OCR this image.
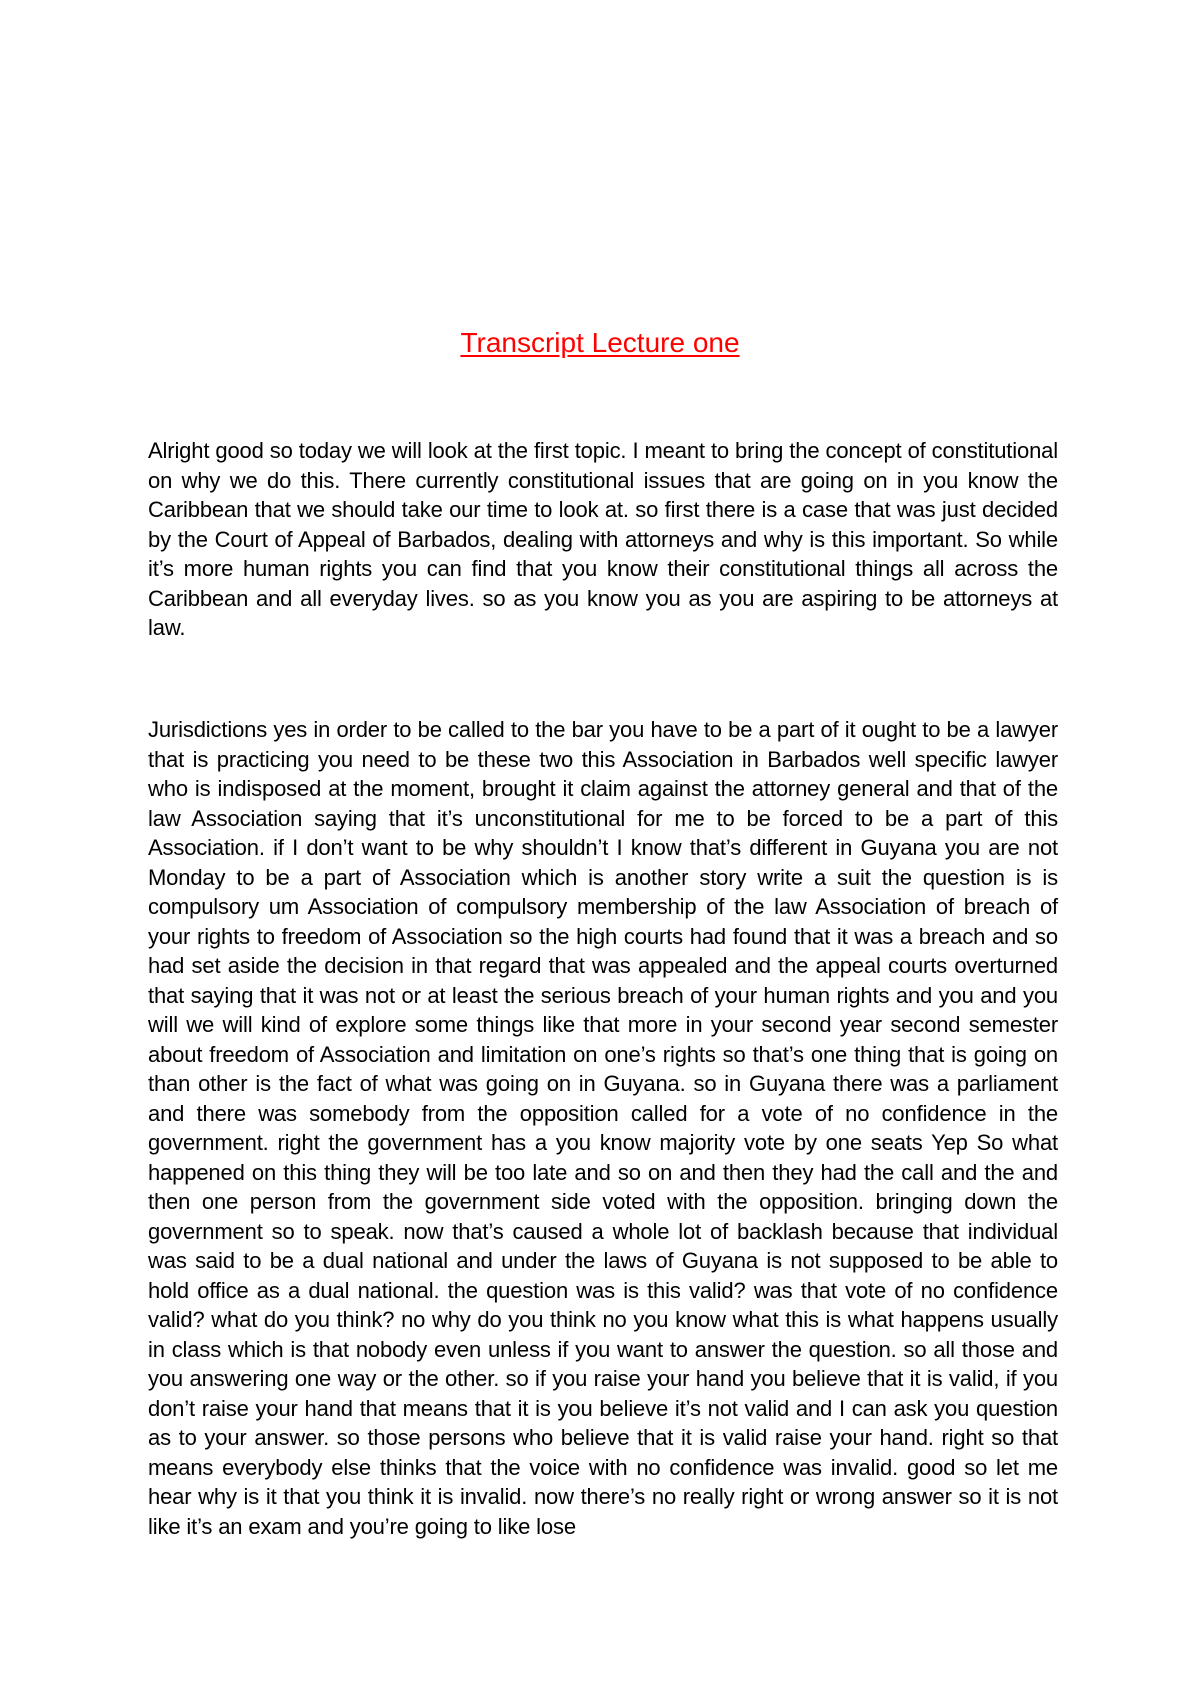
Transcript Lecture one

Alright good so today we will look at the first topic. I meant to bring the concept of constitutional on why we do this. There currently constitutional issues that are going on in you know the Caribbean that we should take our time to look at. so first there is a case that was just decided by the Court of Appeal of Barbados, dealing with attorneys and why is this important. So while it’s more human rights you can find that you know their constitutional things all across the Caribbean and all everyday lives. so as you know you as you are aspiring to be attorneys at law.

Jurisdictions yes in order to be called to the bar you have to be a part of it ought to be a lawyer that is practicing you need to be these two this Association in Barbados well specific lawyer who is indisposed at the moment, brought it claim against the attorney general and that of the law Association saying that it’s unconstitutional for me to be forced to be a part of this Association. if I don’t want to be why shouldn’t I know that’s different in Guyana you are not Monday to be a part of Association which is another story write a suit the question is is compulsory um Association of compulsory membership of the law Association of breach of your rights to freedom of Association so the high courts had found that it was a breach and so had set aside the decision in that regard that was appealed and the appeal courts overturned that saying that it was not or at least the serious breach of your human rights and you and you will we will kind of explore some things like that more in your second year second semester about freedom of Association and limitation on one’s rights so that’s one thing that is going on than other is the fact of what was going on in Guyana. so in Guyana there was a parliament and there was somebody from the opposition called for a vote of no confidence in the government. right the government has a you know majority vote by one seats Yep So what happened on this thing they will be too late and so on and then they had the call and the and then one person from the government side voted with the opposition. bringing down the government so to speak. now that’s caused a whole lot of backlash because that individual was said to be a dual national and under the laws of Guyana is not supposed to be able to hold office as a dual national. the question was is this valid? was that vote of no confidence valid? what do you think? no why do you think no you know what this is what happens usually in class which is that nobody even unless if you want to answer the question. so all those and you answering one way or the other. so if you raise your hand you believe that it is valid, if you don’t raise your hand that means that it is you believe it’s not valid and I can ask you question as to your answer. so those persons who believe that it is valid raise your hand. right so that means everybody else thinks that the voice with no confidence was invalid. good so let me hear why is it that you think it is invalid. now there’s no really right or wrong answer so it is not like it’s an exam and you’re going to like lose
